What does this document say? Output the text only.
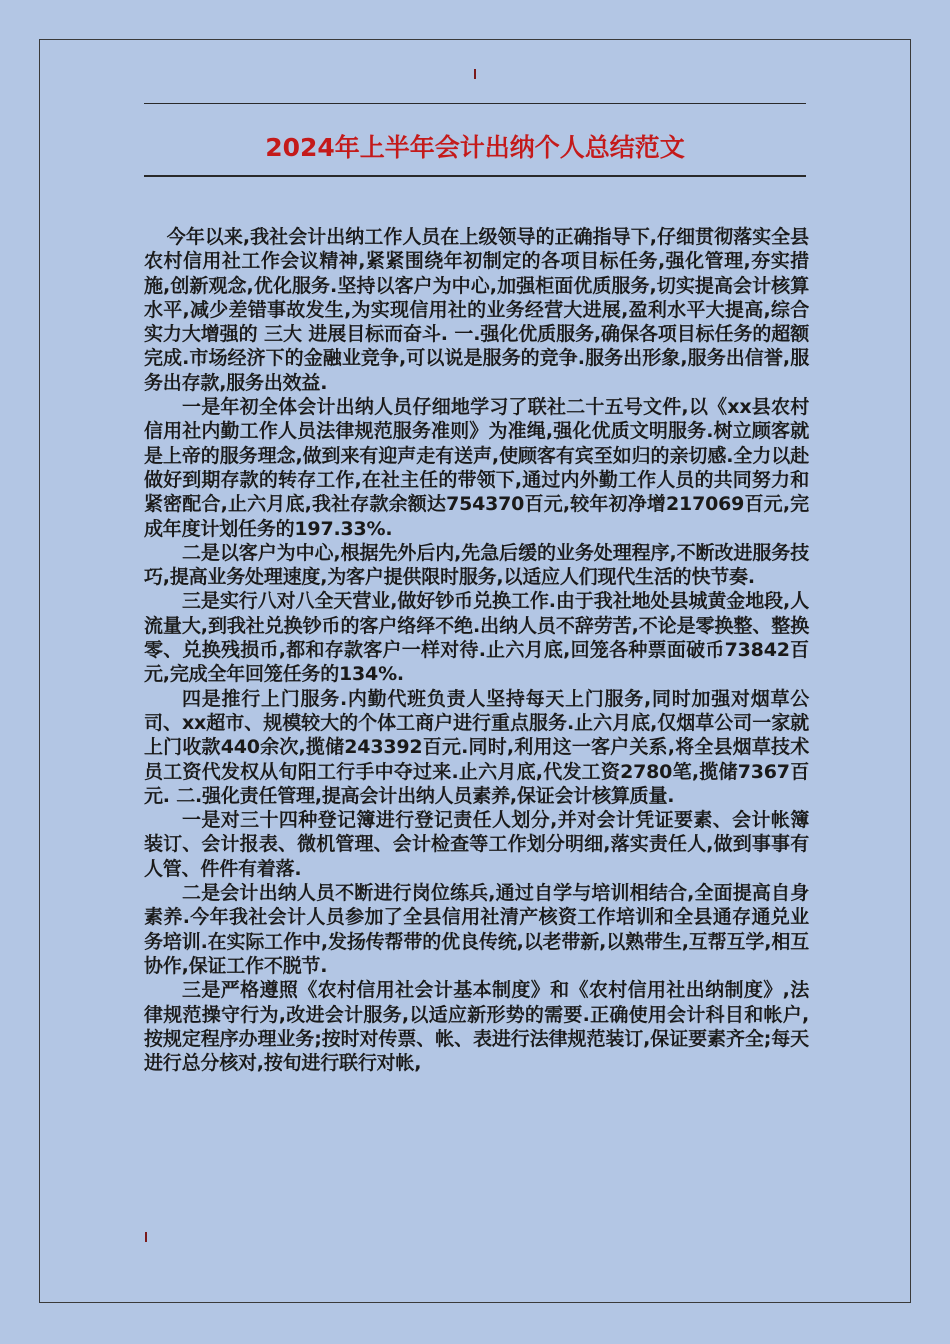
2024年上半年会计出纳个人总结范文

今年以来,我社会计出纳工作人员在上级领导的正确指导下,仔细贯彻落实全县农村信用社工作会议精神,紧紧围绕年初制定的各项目标任务,强化管理,夯实措施,创新观念,优化服务.坚持以客户为中心,加强柜面优质服务,切实提高会计核算水平,减少差错事故发生,为实现信用社的业务经营大进展,盈利水平大提高,综合实力大增强的 三大 进展目标而奋斗. 一.强化优质服务,确保各项目标任务的超额完成.市场经济下的金融业竞争,可以说是服务的竞争.服务出形象,服务出信誉,服务出存款,服务出效益.

一是年初全体会计出纳人员仔细地学习了联社二十五号文件,以《xx县农村信用社内勤工作人员法律规范服务准则》为准绳,强化优质文明服务.树立顾客就是上帝的服务理念,做到来有迎声走有送声,使顾客有宾至如归的亲切感.全力以赴做好到期存款的转存工作,在社主任的带领下,通过内外勤工作人员的共同努力和紧密配合,止六月底,我社存款余额达754370百元,较年初净增217069百元,完成年度计划任务的197.33%.

二是以客户为中心,根据先外后内,先急后缓的业务处理程序,不断改进服务技巧,提高业务处理速度,为客户提供限时服务,以适应人们现代生活的快节奏.

三是实行八对八全天营业,做好钞币兑换工作.由于我社地处县城黄金地段,人流量大,到我社兑换钞币的客户络绎不绝.出纳人员不辞劳苦,不论是零换整、整换零、兑换残损币,都和存款客户一样对待.止六月底,回笼各种票面破币73842百元,完成全年回笼任务的134%.

四是推行上门服务.内勤代班负责人坚持每天上门服务,同时加强对烟草公司、xx超市、规模较大的个体工商户进行重点服务.止六月底,仅烟草公司一家就上门收款440余次,揽储243392百元.同时,利用这一客户关系,将全县烟草技术员工资代发权从旬阳工行手中夺过来.止六月底,代发工资2780笔,揽储7367百元. 二.强化责任管理,提高会计出纳人员素养,保证会计核算质量.

一是对三十四种登记簿进行登记责任人划分,并对会计凭证要素、会计帐簿装订、会计报表、微机管理、会计检查等工作划分明细,落实责任人,做到事事有人管、件件有着落.

二是会计出纳人员不断进行岗位练兵,通过自学与培训相结合,全面提高自身素养.今年我社会计人员参加了全县信用社清产核资工作培训和全县通存通兑业务培训.在实际工作中,发扬传帮带的优良传统,以老带新,以熟带生,互帮互学,相互协作,保证工作不脱节.

三是严格遵照《农村信用社会计基本制度》和《农村信用社出纳制度》,法律规范操守行为,改进会计服务,以适应新形势的需要.正确使用会计科目和帐户,按规定程序办理业务;按时对传票、帐、表进行法律规范装订,保证要素齐全;每天进行总分核对,按旬进行联行对帐,
